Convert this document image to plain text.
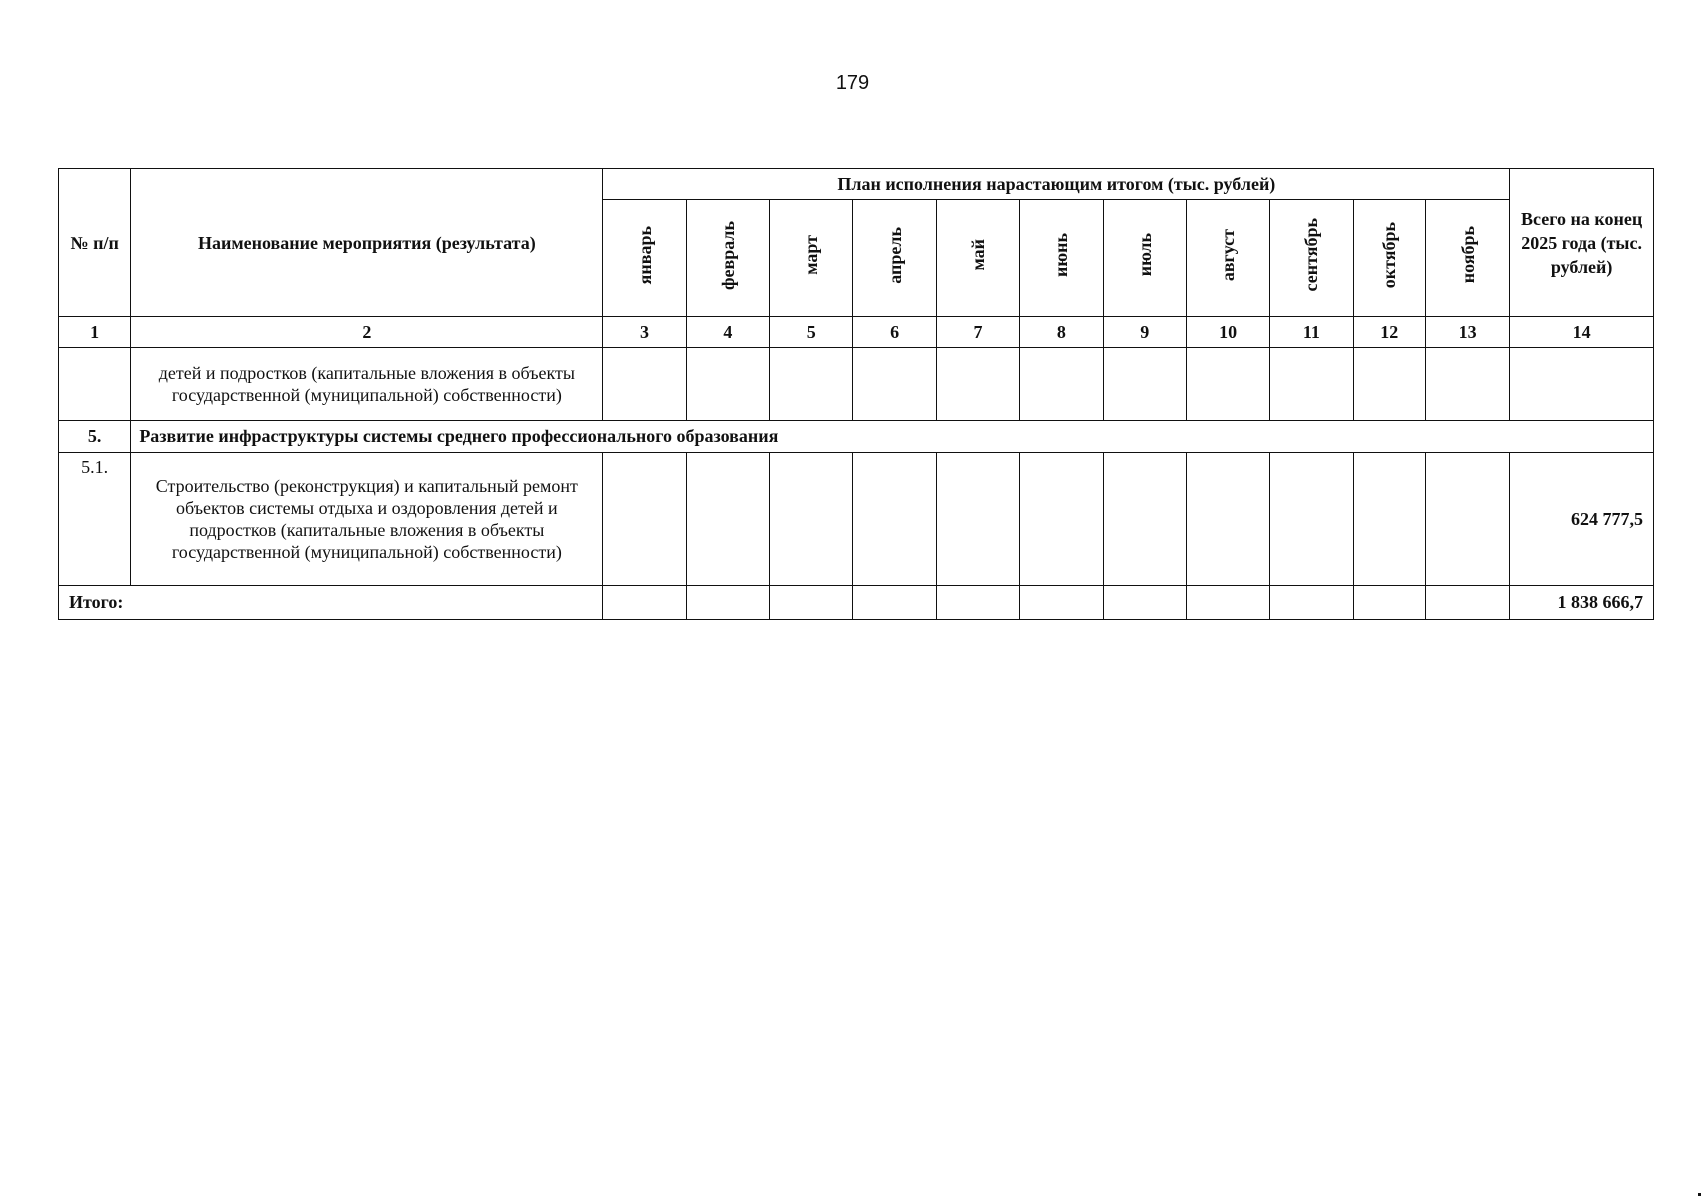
179
№ п/п	Наименование мероприятия (результата)	План исполнения нарастающим итогом (тыс. рублей)											Всего на конец 2025 года (тыс. рублей)
		январь	февраль	март	апрель	май	июнь	июль	август	сентябрь	октябрь	ноябрь	
1	2	3	4	5	6	7	8	9	10	11	12	13	14
	детей и подростков (капитальные вложения в объекты государственной (муниципальной) собственности)												
5.	Развитие инфраструктуры системы среднего профессионального образования												
5.1.	Строительство (реконструкция) и капитальный ремонт объектов системы отдыха и оздоровления детей и подростков (капитальные вложения в объекты государственной (муниципальной) собственности)												624 777,5
Итого:													1 838 666,7
